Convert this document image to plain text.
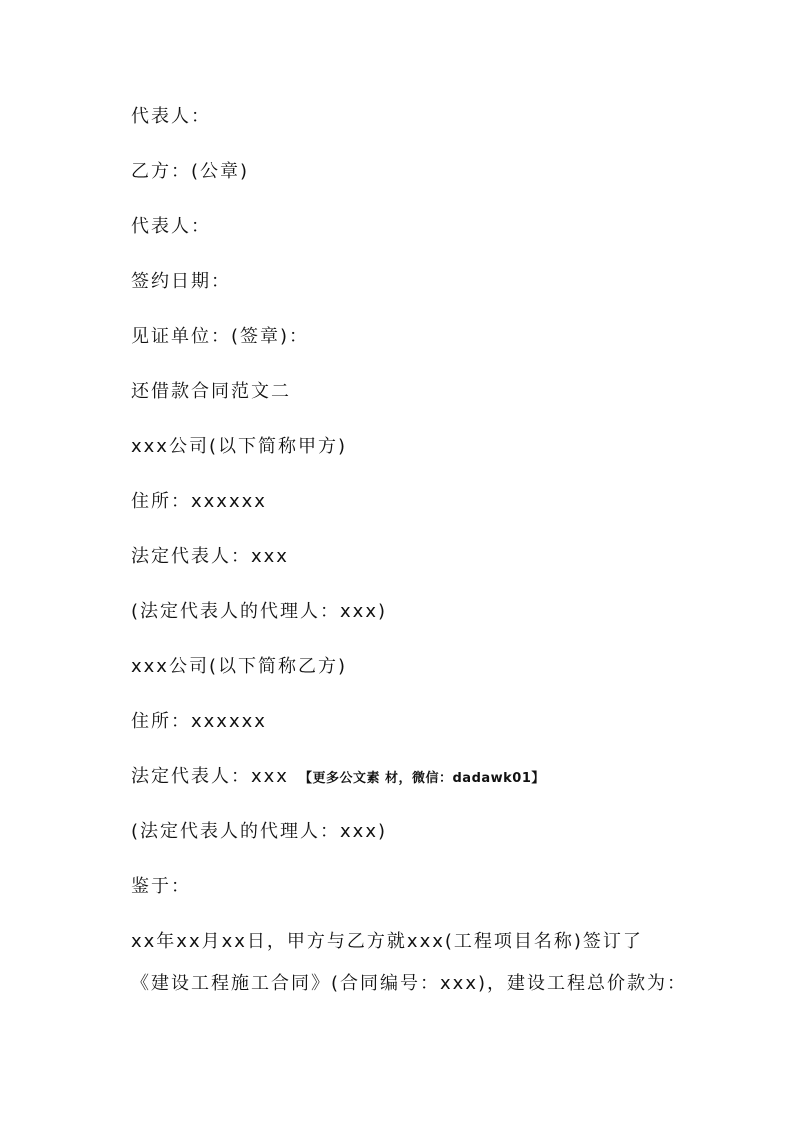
代表人：
乙方：(公章)
代表人：
签约日期：
见证单位：(签章)：
还借款合同范文二
xxx公司(以下简称甲方)
住所：xxxxxx
法定代表人：xxx
(法定代表人的代理人：xxx)
xxx公司(以下简称乙方)
住所：xxxxxx
法定代表人：xxx 【更多公文素 材，微信：dadawk01】
(法定代表人的代理人：xxx)
鉴于：
xx年xx月xx日，甲方与乙方就xxx(工程项目名称)签订了
《建设工程施工合同》(合同编号：xxx)，建设工程总价款为：
